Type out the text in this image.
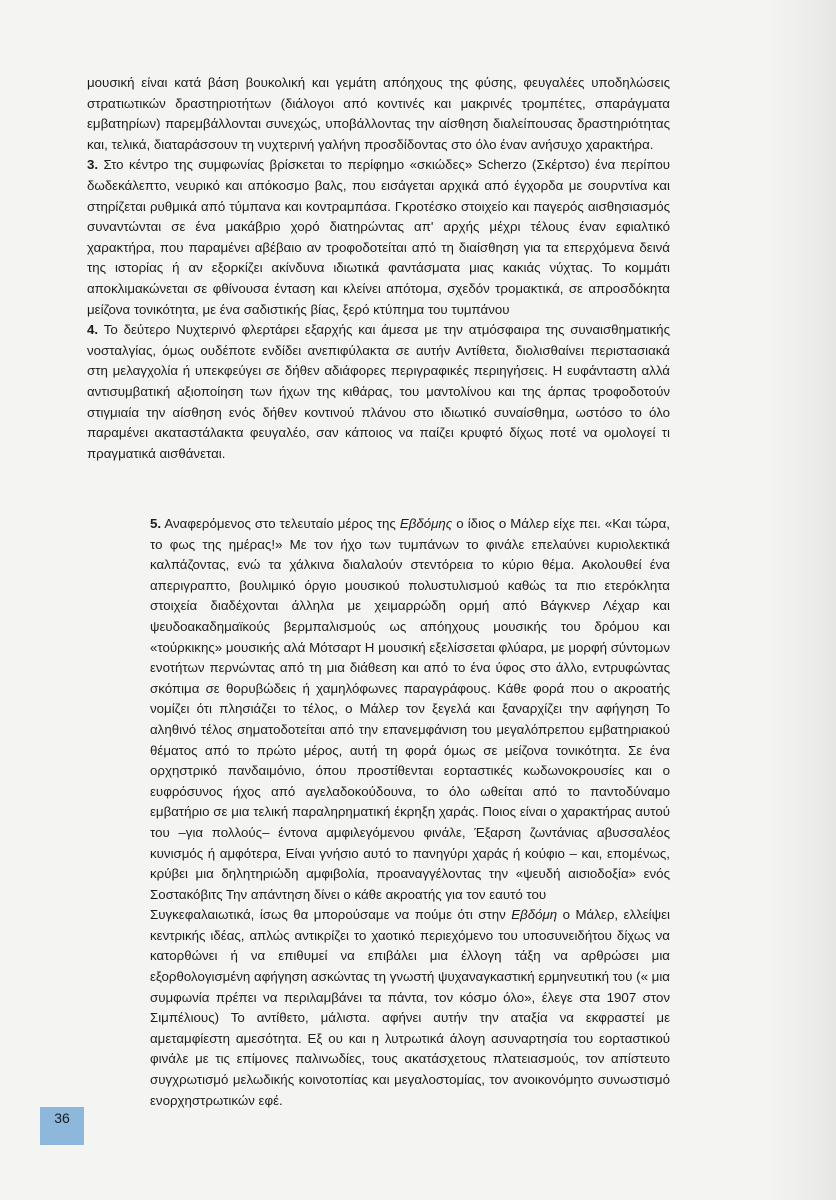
μουσική είναι κατά βάση βουκολική και γεμάτη απόηχους της φύσης, φευγαλέες υποδηλώσεις στρατιωτικών δραστηριοτήτων (διάλογοι από κοντινές και μακρινές τρομπέτες, σπαράγματα εμβατηρίων) παρεμβάλλονται συνεχώς, υποβάλλοντας την αίσθηση διαλείπουσας δραστηριότητας και, τελικά, διαταράσσουν τη νυχτερινή γαλήνη προσδίδοντας στο όλο έναν ανήσυχο χαρακτήρα.

3. Στο κέντρο της συμφωνίας βρίσκεται το περίφημο «σκιώδες» Scherzo (Σκέρτσο) ένα περίπου δωδεκάλεπτο, νευρικό και απόκοσμο βαλς, που εισάγεται αρχικά από έγχορδα με σουρντίνα και στηρίζεται ρυθμικά από τύμπανα και κοντραμπάσα. Γκροτέσκο στοιχείο και παγερός αισθησιασμός συναντώνται σε ένα μακάβριο χορό διατηρώντας απ' αρχής μέχρι τέλους έναν εφιαλτικό χαρακτήρα, που παραμένει αβέβαιο αν τροφοδοτείται από τη διαίσθηση για τα επερχόμενα δεινά της ιστορίας ή αν εξορκίζει ακίνδυνα ιδιωτικά φαντάσματα μιας κακιάς νύχτας. Το κομμάτι αποκλιμακώνεται σε φθίνουσα ένταση και κλείνει απότομα, σχεδόν τρομακτικά, σε απροσδόκητα μείζονα τονικότητα, με ένα σαδιστικής βίας, ξερό κτύπημα του τυμπάνου

4. Το δεύτερο Νυχτερινό φλερτάρει εξαρχής και άμεσα με την ατμόσφαιρα της συναισθηματικής νοσταλγίας, όμως ουδέποτε ενδίδει ανεπιφύλακτα σε αυτήν Αντίθετα, διολισθαίνει περιστασιακά στη μελαγχολία ή υπεκφεύγει σε δήθεν αδιάφορες περιγραφικές περιηγήσεις. Η ευφάνταστη αλλά αντισυμβατική αξιοποίηση των ήχων της κιθάρας, του μαντολίνου και της άρπας τροφοδοτούν στιγμιαία την αίσθηση ενός δήθεν κοντινού πλάνου στο ιδιωτικό συναίσθημα, ωστόσο το όλο παραμένει ακαταστάλακτα φευγαλέο, σαν κάποιος να παίζει κρυφτό δίχως ποτέ να ομολογεί τι πραγματικά αισθάνεται.

5. Αναφερόμενος στο τελευταίο μέρος της Εβδόμης ο ίδιος ο Μάλερ είχε πει. «Και τώρα, το φως της ημέρας!» Με τον ήχο των τυμπάνων το φινάλε επελαύνει κυριολεκτικά καλπάζοντας, ενώ τα χάλκινα διαλαλούν στεντόρεια το κύριο θέμα. Ακολουθεί ένα απεριγραπτο, βουλιμικό όργιο μουσικού πολυστυλισμού καθώς τα πιο ετερόκλητα στοιχεία διαδέχονται άλληλα με χειμαρρώδη ορμή από Βάγκνερ Λέχαρ και ψευδοακαδημαϊκούς βερμπαλισμούς ως απόηχους μουσικής του δρόμου και «τούρκικης» μουσικής αλά Μότσαρτ Η μουσική εξελίσσεται φλύαρα, με μορφή σύντομων ενοτήτων περνώντας από τη μια διάθεση και από το ένα ύφος στο άλλο, εντρυφώντας σκόπιμα σε θορυβώδεις ή χαμηλόφωνες παραγράφους. Κάθε φορά που ο ακροατής νομίζει ότι πλησιάζει το τέλος, ο Μάλερ τον ξεγελά και ξαναρχίζει την αφήγηση Το αληθινό τέλος σηματοδοτείται από την επανεμφάνιση του μεγαλόπρεπου εμβατηριακού θέματος από το πρώτο μέρος, αυτή τη φορά όμως σε μείζονα τονικότητα. Σε ένα ορχηστρικό πανδαιμόνιο, όπου προστίθενται εορταστικές κωδωνοκρουσίες και ο ευφρόσυνος ήχος από αγελαδοκούδουνα, το όλο ωθείται από το παντοδύναμο εμβατήριο σε μια τελική παραληρηματική έκρηξη χαράς. Ποιος είναι ο χαρακτήρας αυτού του –για πολλούς– έντονα αμφιλεγόμενου φινάλε, Έξαρση ζωντάνιας αβυσσαλέος κυνισμός ή αμφότερα, Είναι γνήσιο αυτό το πανηγύρι χαράς ή κούφιο – και, επομένως, κρύβει μια δηλητηριώδη αμφιβολία, προαναγγέλοντας την «ψευδή αισιοδοξία» ενός Σοστακόβιτς Την απάντηση δίνει ο κάθε ακροατής για τον εαυτό του

Συγκεφαλαιωτικά, ίσως θα μπορούσαμε να πούμε ότι στην Εβδόμη ο Μάλερ, ελλείψει κεντρικής ιδέας, απλώς αντικρίζει το χαοτικό περιεχόμενο του υποσυνειδήτου δίχως να κατορθώνει ή να επιθυμεί να επιβάλει μια έλλογη τάξη να αρθρώσει μια εξορθολογισμένη αφήγηση ασκώντας τη γνωστή ψυχαναγκαστική ερμηνευτική του (« μια συμφωνία πρέπει να περιλαμβάνει τα πάντα, τον κόσμο όλο», έλεγε στα 1907 στον Σιμπέλιους) Το αντίθετο, μάλιστα. αφήνει αυτήν την αταξία να εκφραστεί με αμεταμφίεστη αμεσότητα. Εξ ου και η λυτρωτικά άλογη ασυναρτησία του εορταστικού φινάλε με τις επίμονες παλινωδίες, τους ακατάσχετους πλατειασμούς, τον απίστευτο συγχρωτισμό μελωδικής κοινοτοπίας και μεγαλοστομίας, τον ανοικονόμητο συνωστισμό ενορχηστρωτικών εφέ.

36
